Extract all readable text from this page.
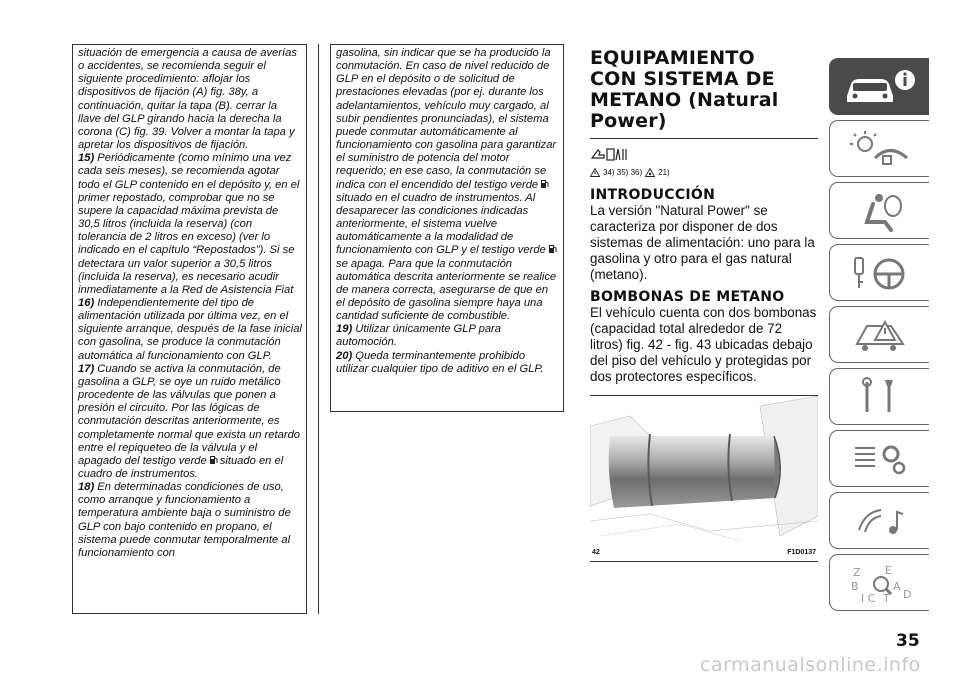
situación de emergencia a causa de averías o accidentes, se recomienda seguir el siguiente procedimiento: aflojar los dispositivos de fijación (A) fig. 38y, a continuación, quitar la tapa (B). cerrar la llave del GLP girando hacia la derecha la corona (C) fig. 39. Volver a montar la tapa y apretar los dispositivos de fijación.

15) Periódicamente (como mínimo una vez cada seis meses), se recomienda agotar todo el GLP contenido en el depósito y, en el primer repostado, comprobar que no se supere la capacidad máxima prevista de 30,5 litros (incluida la reserva) (con tolerancia de 2 litros en exceso) (ver lo indicado en el capítulo “Repostados”). Si se detectara un valor superior a 30,5 litros (incluida la reserva), es necesario acudir inmediatamente a la Red de Asistencia Fiat

16) Independientemente del tipo de alimentación utilizada por última vez, en el siguiente arranque, después de la fase inicial con gasolina, se produce la conmutación automática al funcionamiento con GLP.

17) Cuando se activa la conmutación, de gasolina a GLP, se oye un ruido metálico procedente de las válvulas que ponen a presión el circuito. Por las lógicas de conmutación descritas anteriormente, es completamente normal que exista un retardo entre el repiqueteo de la válvula y el apagado del testigo verde situado en el cuadro de instrumentos.

18) En determinadas condiciones de uso, como arranque y funcionamiento a temperatura ambiente baja o suministro de GLP con bajo contenido en propano, el sistema puede conmutar temporalmente al funcionamiento con

gasolina, sin indicar que se ha producido la conmutación. En caso de nivel reducido de GLP en el depósito o de solicitud de prestaciones elevadas (por ej. durante los adelantamientos, vehículo muy cargado, al subir pendientes pronunciadas), el sistema puede conmutar automáticamente al funcionamiento con gasolina para garantizar el suministro de potencia del motor requerido; en ese caso, la conmutación se indica con el encendido del testigo verdesituado en el cuadro de instrumentos. Al desaparecer las condiciones indicadas anteriormente, el sistema vuelve automáticamente a la modalidad de funcionamiento con GLP y el testigo verdese apaga. Para que la conmutación automática descrita anteriormente se realice de manera correcta, asegurarse de que en el depósito de gasolina siempre haya una cantidad suficiente de combustible.

19) Utilizar únicamente GLP para automoción.

20) Queda terminantemente prohibido utilizar cualquier tipo de aditivo en el GLP.

EQUIPAMIENTO
CON SISTEMA DE
METANO (Natural
Power)
34) 35) 36) 21)
INTRODUCCIÓN

La versión "Natural Power" se caracteriza por disponer de dos sistemas de alimentación: uno para la gasolina y otro para el gas natural (metano).

BOMBONAS DE METANO

El vehículo cuenta con dos bombonas (capacidad total alrededor de 72 litros) fig. 42 - fig. 43 ubicadas debajo del piso del vehículo y protegidas por dos protectores específicos.

42	F1D0137
Z E
B	A
I C T D
35
carmanualsonline.info
